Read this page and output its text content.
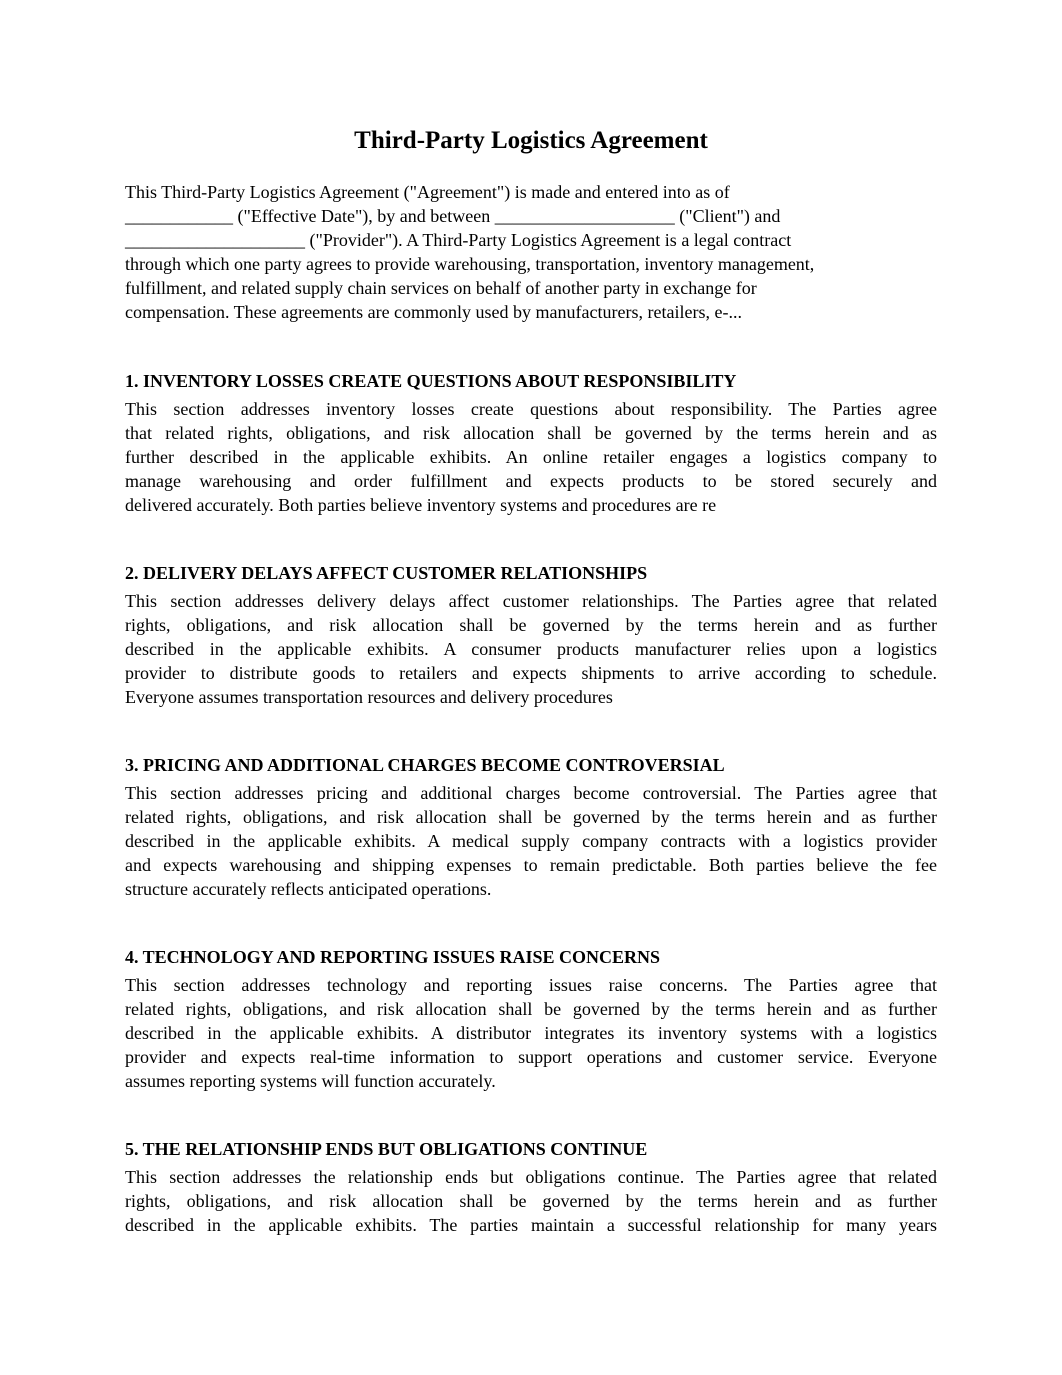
Third-Party Logistics Agreement

This Third-Party Logistics Agreement ("Agreement") is made and entered into as of

____________ ("Effective Date"), by and between ____________________ ("Client") and

____________________ ("Provider"). A Third-Party Logistics Agreement is a legal contract

through which one party agrees to provide warehousing, transportation, inventory management,

fulfillment, and related supply chain services on behalf of another party in exchange for

compensation. These agreements are commonly used by manufacturers, retailers, e-...

1. INVENTORY LOSSES CREATE QUESTIONS ABOUT RESPONSIBILITY

This section addresses inventory losses create questions about responsibility. The Parties agree

that related rights, obligations, and risk allocation shall be governed by the terms herein and as

further described in the applicable exhibits. An online retailer engages a logistics company to

manage warehousing and order fulfillment and expects products to be stored securely and

delivered accurately. Both parties believe inventory systems and procedures are re

2. DELIVERY DELAYS AFFECT CUSTOMER RELATIONSHIPS

This section addresses delivery delays affect customer relationships. The Parties agree that related

rights, obligations, and risk allocation shall be governed by the terms herein and as further

described in the applicable exhibits. A consumer products manufacturer relies upon a logistics

provider to distribute goods to retailers and expects shipments to arrive according to schedule.

Everyone assumes transportation resources and delivery procedures

3. PRICING AND ADDITIONAL CHARGES BECOME CONTROVERSIAL

This section addresses pricing and additional charges become controversial. The Parties agree that

related rights, obligations, and risk allocation shall be governed by the terms herein and as further

described in the applicable exhibits. A medical supply company contracts with a logistics provider

and expects warehousing and shipping expenses to remain predictable. Both parties believe the fee

structure accurately reflects anticipated operations.

4. TECHNOLOGY AND REPORTING ISSUES RAISE CONCERNS

This section addresses technology and reporting issues raise concerns. The Parties agree that

related rights, obligations, and risk allocation shall be governed by the terms herein and as further

described in the applicable exhibits. A distributor integrates its inventory systems with a logistics

provider and expects real-time information to support operations and customer service. Everyone

assumes reporting systems will function accurately.

5. THE RELATIONSHIP ENDS BUT OBLIGATIONS CONTINUE

This section addresses the relationship ends but obligations continue. The Parties agree that related

rights, obligations, and risk allocation shall be governed by the terms herein and as further

described in the applicable exhibits. The parties maintain a successful relationship for many years
